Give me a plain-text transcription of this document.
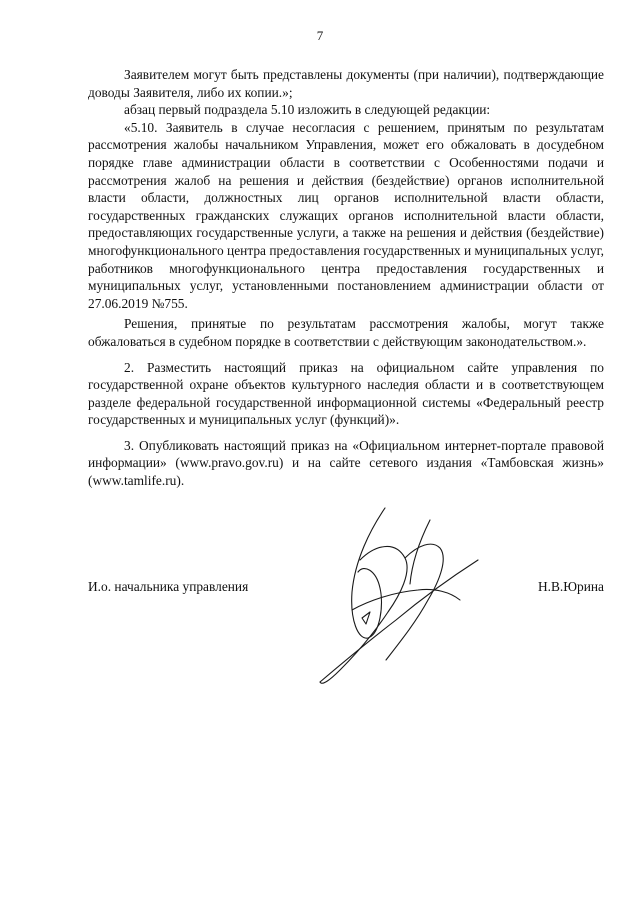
7

Заявителем могут быть представлены документы (при наличии), подтверждающие доводы Заявителя, либо их копии.»;

абзац первый подраздела 5.10 изложить в следующей редакции:

«5.10. Заявитель в случае несогласия с решением, принятым по результатам рассмотрения жалобы начальником Управления, может его обжаловать в досудебном порядке главе администрации области в соответствии с Особенностями подачи и рассмотрения жалоб на решения и действия (бездействие) органов исполнительной власти области, должностных лиц органов исполнительной власти области, государственных гражданских служащих органов исполнительной власти области, предоставляющих государственные услуги, а также на решения и действия (бездействие) многофункционального центра предоставления государственных и муниципальных услуг, работников многофункционального центра предоставления государственных и муниципальных услуг, установленными постановлением администрации области от 27.06.2019 №755.

Решения, принятые по результатам рассмотрения жалобы, могут также обжаловаться в судебном порядке в соответствии с действующим законодательством.».

2. Разместить настоящий приказ на официальном сайте управления по государственной охране объектов культурного наследия области и в соответствующем разделе федеральной государственной информационной системы «Федеральный реестр государственных и муниципальных услуг (функций)».

3. Опубликовать настоящий приказ на «Официальном интернет-портале правовой информации» (www.pravo.gov.ru) и на сайте сетевого издания «Тамбовская жизнь» (www.tamlife.ru).

И.о. начальника управления	Н.В.Юрина
